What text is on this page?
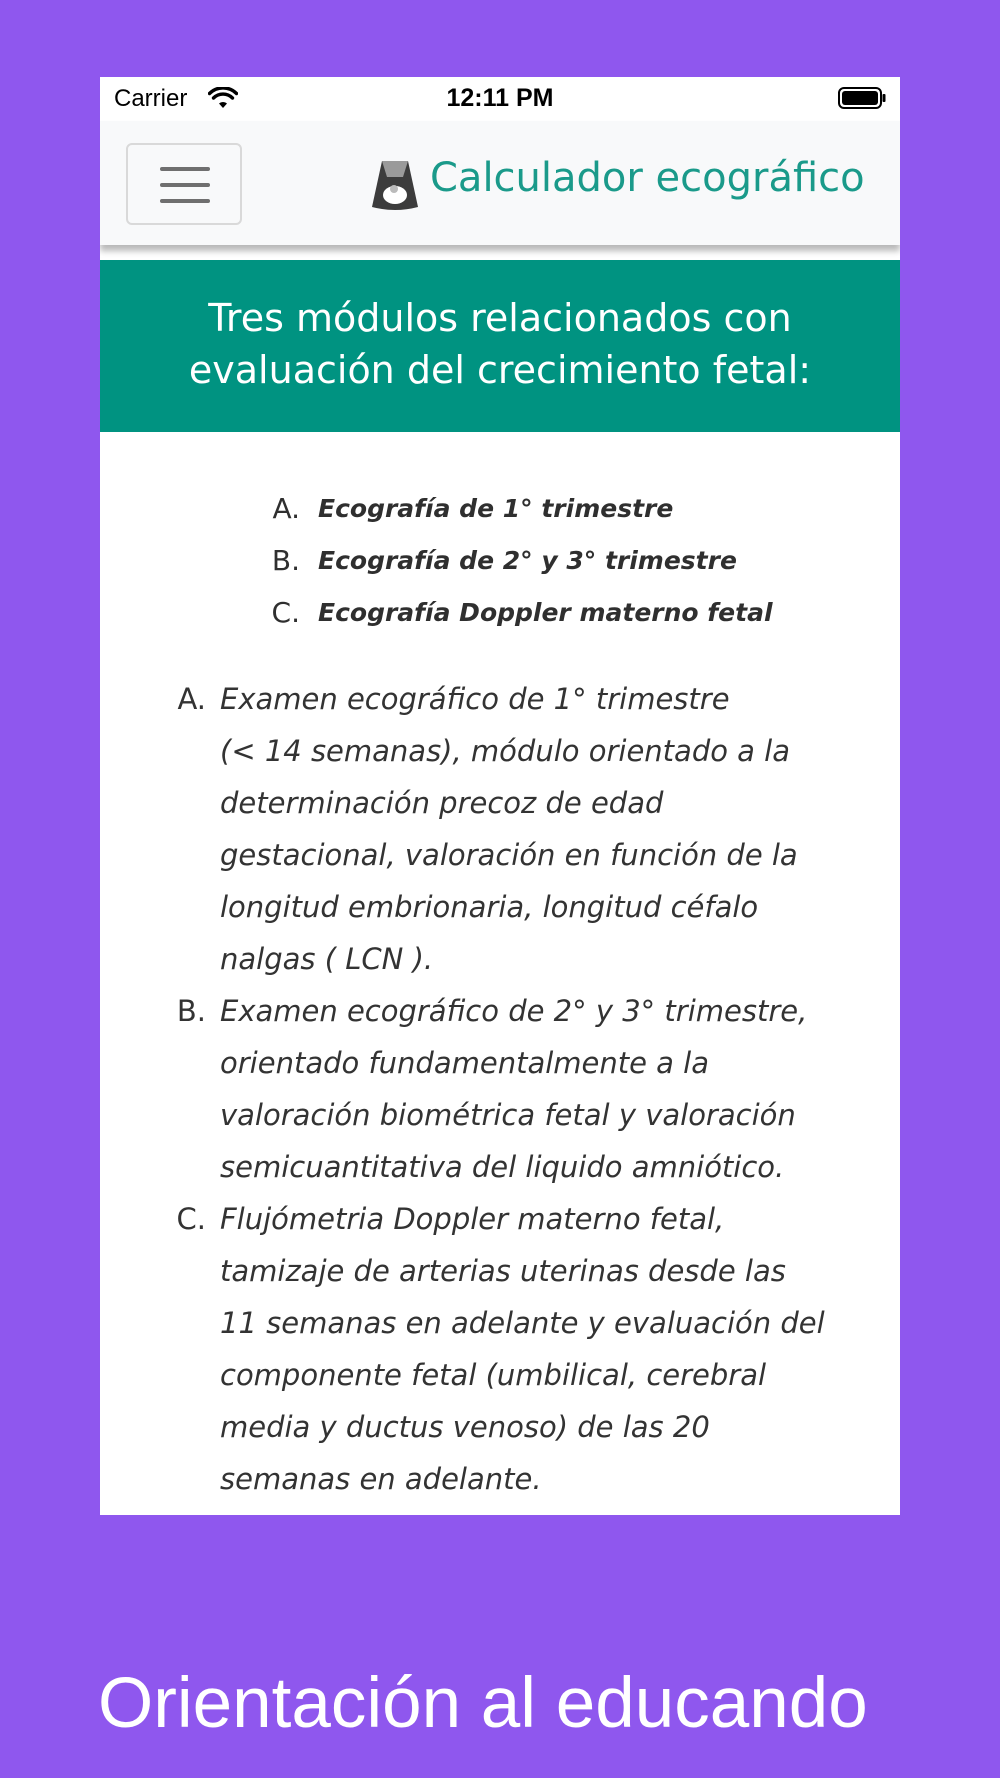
Carrier	12:11 PM
Calculador ecográfico
Tres módulos relacionados con
evaluación del crecimiento fetal:
A. Ecografía de 1° trimestre
B. Ecografía de 2° y 3° trimestre
C. Ecografía Doppler materno fetal
A. Examen ecográfico de 1° trimestre
(< 14 semanas), módulo orientado a la
determinación precoz de edad
gestacional, valoración en función de la
longitud embrionaria, longitud céfalo
nalgas ( LCN ).
B. Examen ecográfico de 2° y 3° trimestre,
orientado fundamentalmente a la
valoración biométrica fetal y valoración
semicuantitativa del liquido amniótico.
C. Flujómetria Doppler materno fetal,
tamizaje de arterias uterinas desde las
11 semanas en adelante y evaluación del
componente fetal (umbilical, cerebral
media y ductus venoso) de las 20
semanas en adelante.
Orientación al educando
